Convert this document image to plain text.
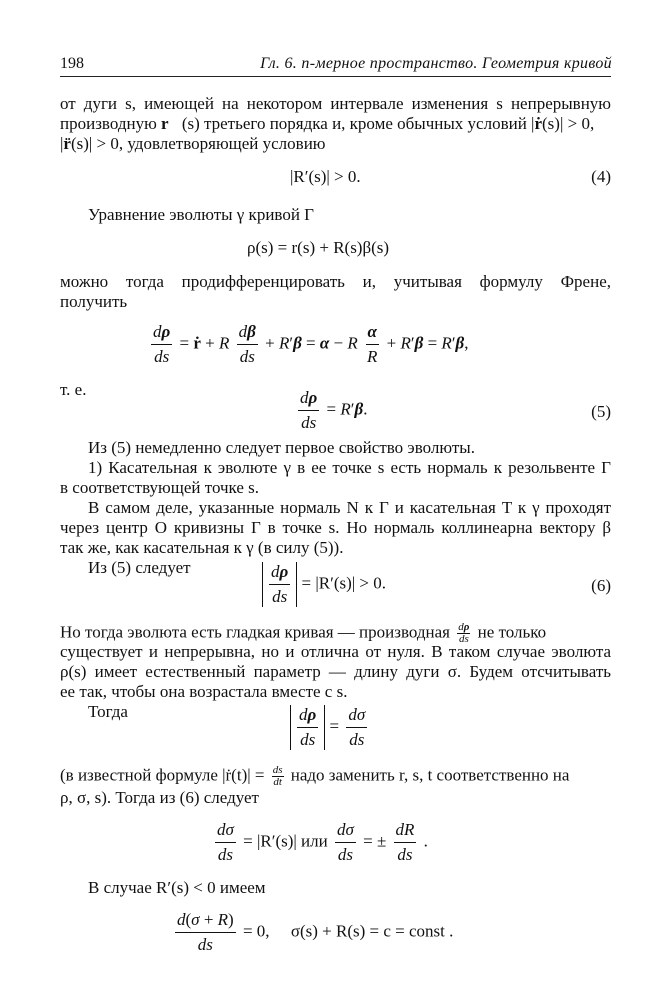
198	Гл. 6. n-мерное пространство. Геометрия кривой
от дуги s, имеющей на некотором интервале изменения s непрерывную
производную r⃛(s) третьего порядка и, кроме обычных условий |ṙ(s)| > 0,
|r̈(s)| > 0, удовлетворяющей условию
|R′(s)| > 0.	(4)
Уравнение эволюты γ кривой Γ
ρ(s) = r(s) + R(s)β(s)
можно тогда продифференцировать и, учитывая формулу Френе,
получить
$\frac{d\rho}{ds}$ = ṙ + R $\frac{d\beta}{ds} + R'\beta = \alpha - R \frac{\alpha}{R} + R'\beta = R'\beta$,
т. е.	$\frac{d\rho}{ds} = R'\beta$.	(5)
Из (5) немедленно следует первое свойство эволюты.
1) Касательная к эволюте γ в ее точке s есть нормаль к резольвенте Γ
в соответствующей точке s.
В самом деле, указанные нормаль N к Γ и касательная T к γ проходят
через центр O кривизны Γ в точке s. Но нормаль коллинеарна вектору β
так же, как касательная к γ (в силу (5)).
Из (5) следует	$\frac{d\rho}{ds} = |R'(s)| > 0$.	(6)
Но тогда эволюта есть гладкая кривая — производная $\frac{d\rho}{ds}$ не только
существует и непрерывна, но и отлична от нуля. В таком случае эволюта
ρ(s) имеет естественный параметр — длину дуги σ. Будем отсчитывать
ее так, чтобы она возрастала вместе с s.
Тогда	$\frac{d\rho}{ds} = \frac{d\sigma}{ds}$
(в известной формуле |ṙ(t)| = $\frac{ds}{dt}$ надо заменить r, s, t соответственно на
ρ, σ, s). Тогда из (6) следует
$\frac{d\sigma}{ds} = |R'(s)|$ или $\frac{d\sigma}{ds}$ = ± $\frac{dR}{ds}$ .
В случае R′(s) < 0 имеем
$\frac{d(\sigma + R)}{ds} = 0$, σ(s) + R(s) = c = const .
